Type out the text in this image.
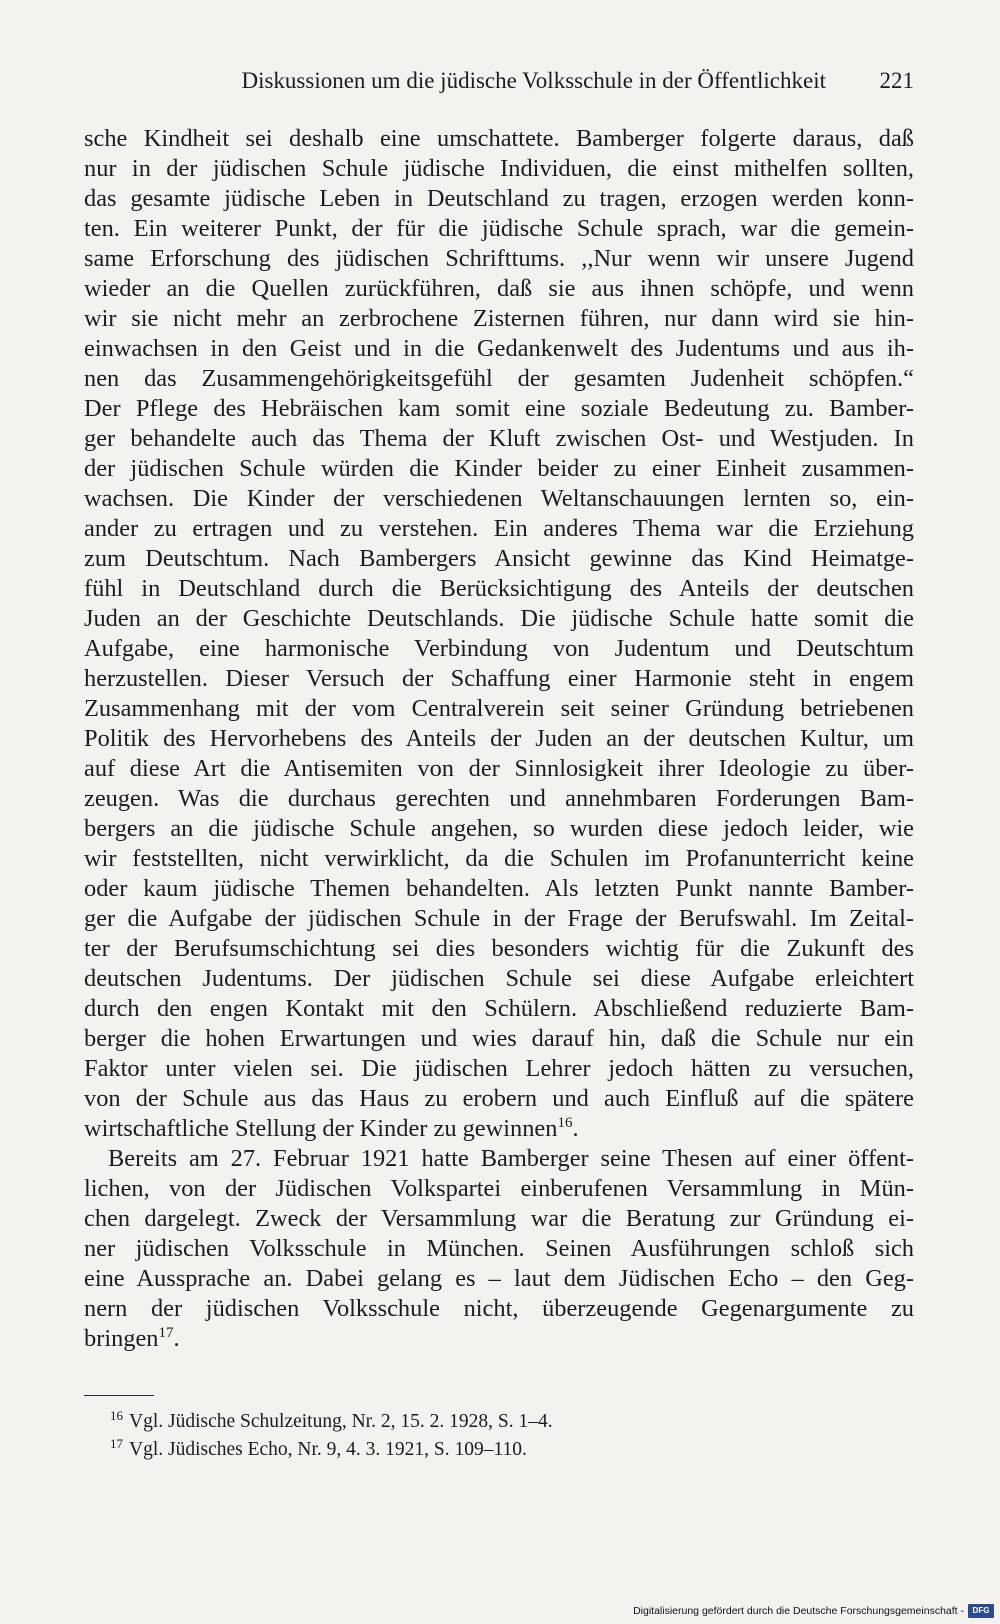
Diskussionen um die jüdische Volksschule in der Öffentlichkeit 221
sche Kindheit sei deshalb eine umschattete. Bamberger folgerte daraus, daß
nur in der jüdischen Schule jüdische Individuen, die einst mithelfen sollten,
das gesamte jüdische Leben in Deutschland zu tragen, erzogen werden konn-
ten. Ein weiterer Punkt, der für die jüdische Schule sprach, war die gemein-
same Erforschung des jüdischen Schrifttums. ,,Nur wenn wir unsere Jugend
wieder an die Quellen zurückführen, daß sie aus ihnen schöpfe, und wenn
wir sie nicht mehr an zerbrochene Zisternen führen, nur dann wird sie hin-
einwachsen in den Geist und in die Gedankenwelt des Judentums und aus ih-
nen das Zusammengehörigkeitsgefühl der gesamten Judenheit schöpfen.“
Der Pflege des Hebräischen kam somit eine soziale Bedeutung zu. Bamber-
ger behandelte auch das Thema der Kluft zwischen Ost- und Westjuden. In
der jüdischen Schule würden die Kinder beider zu einer Einheit zusammen-
wachsen. Die Kinder der verschiedenen Weltanschauungen lernten so, ein-
ander zu ertragen und zu verstehen. Ein anderes Thema war die Erziehung
zum Deutschtum. Nach Bambergers Ansicht gewinne das Kind Heimatge-
fühl in Deutschland durch die Berücksichtigung des Anteils der deutschen
Juden an der Geschichte Deutschlands. Die jüdische Schule hatte somit die
Aufgabe, eine harmonische Verbindung von Judentum und Deutschtum
herzustellen. Dieser Versuch der Schaffung einer Harmonie steht in engem
Zusammenhang mit der vom Centralverein seit seiner Gründung betriebenen
Politik des Hervorhebens des Anteils der Juden an der deutschen Kultur, um
auf diese Art die Antisemiten von der Sinnlosigkeit ihrer Ideologie zu über-
zeugen. Was die durchaus gerechten und annehmbaren Forderungen Bam-
bergers an die jüdische Schule angehen, so wurden diese jedoch leider, wie
wir feststellten, nicht verwirklicht, da die Schulen im Profanunterricht keine
oder kaum jüdische Themen behandelten. Als letzten Punkt nannte Bamber-
ger die Aufgabe der jüdischen Schule in der Frage der Berufswahl. Im Zeital-
ter der Berufsumschichtung sei dies besonders wichtig für die Zukunft des
deutschen Judentums. Der jüdischen Schule sei diese Aufgabe erleichtert
durch den engen Kontakt mit den Schülern. Abschließend reduzierte Bam-
berger die hohen Erwartungen und wies darauf hin, daß die Schule nur ein
Faktor unter vielen sei. Die jüdischen Lehrer jedoch hätten zu versuchen,
von der Schule aus das Haus zu erobern und auch Einfluß auf die spätere
wirtschaftliche Stellung der Kinder zu gewinnen$^{16}$.
Bereits am 27. Februar 1921 hatte Bamberger seine Thesen auf einer öffent-
lichen, von der Jüdischen Volkspartei einberufenen Versammlung in Mün-
chen dargelegt. Zweck der Versammlung war die Beratung zur Gründung ei-
ner jüdischen Volksschule in München. Seinen Ausführungen schloß sich
eine Aussprache an. Dabei gelang es – laut dem Jüdischen Echo – den Geg-
nern der jüdischen Volksschule nicht, überzeugende Gegenargumente zu
bringen$^{17}$.
$^{16}$ Vgl. Jüdische Schulzeitung, Nr. 2, 15. 2. 1928, S. 1–4.
$^{17}$ Vgl. Jüdisches Echo, Nr. 9, 4. 3. 1921, S. 109–110.
Digitalisierung gefördert durch die Deutsche Forschungsgemeinschaft - DFG
